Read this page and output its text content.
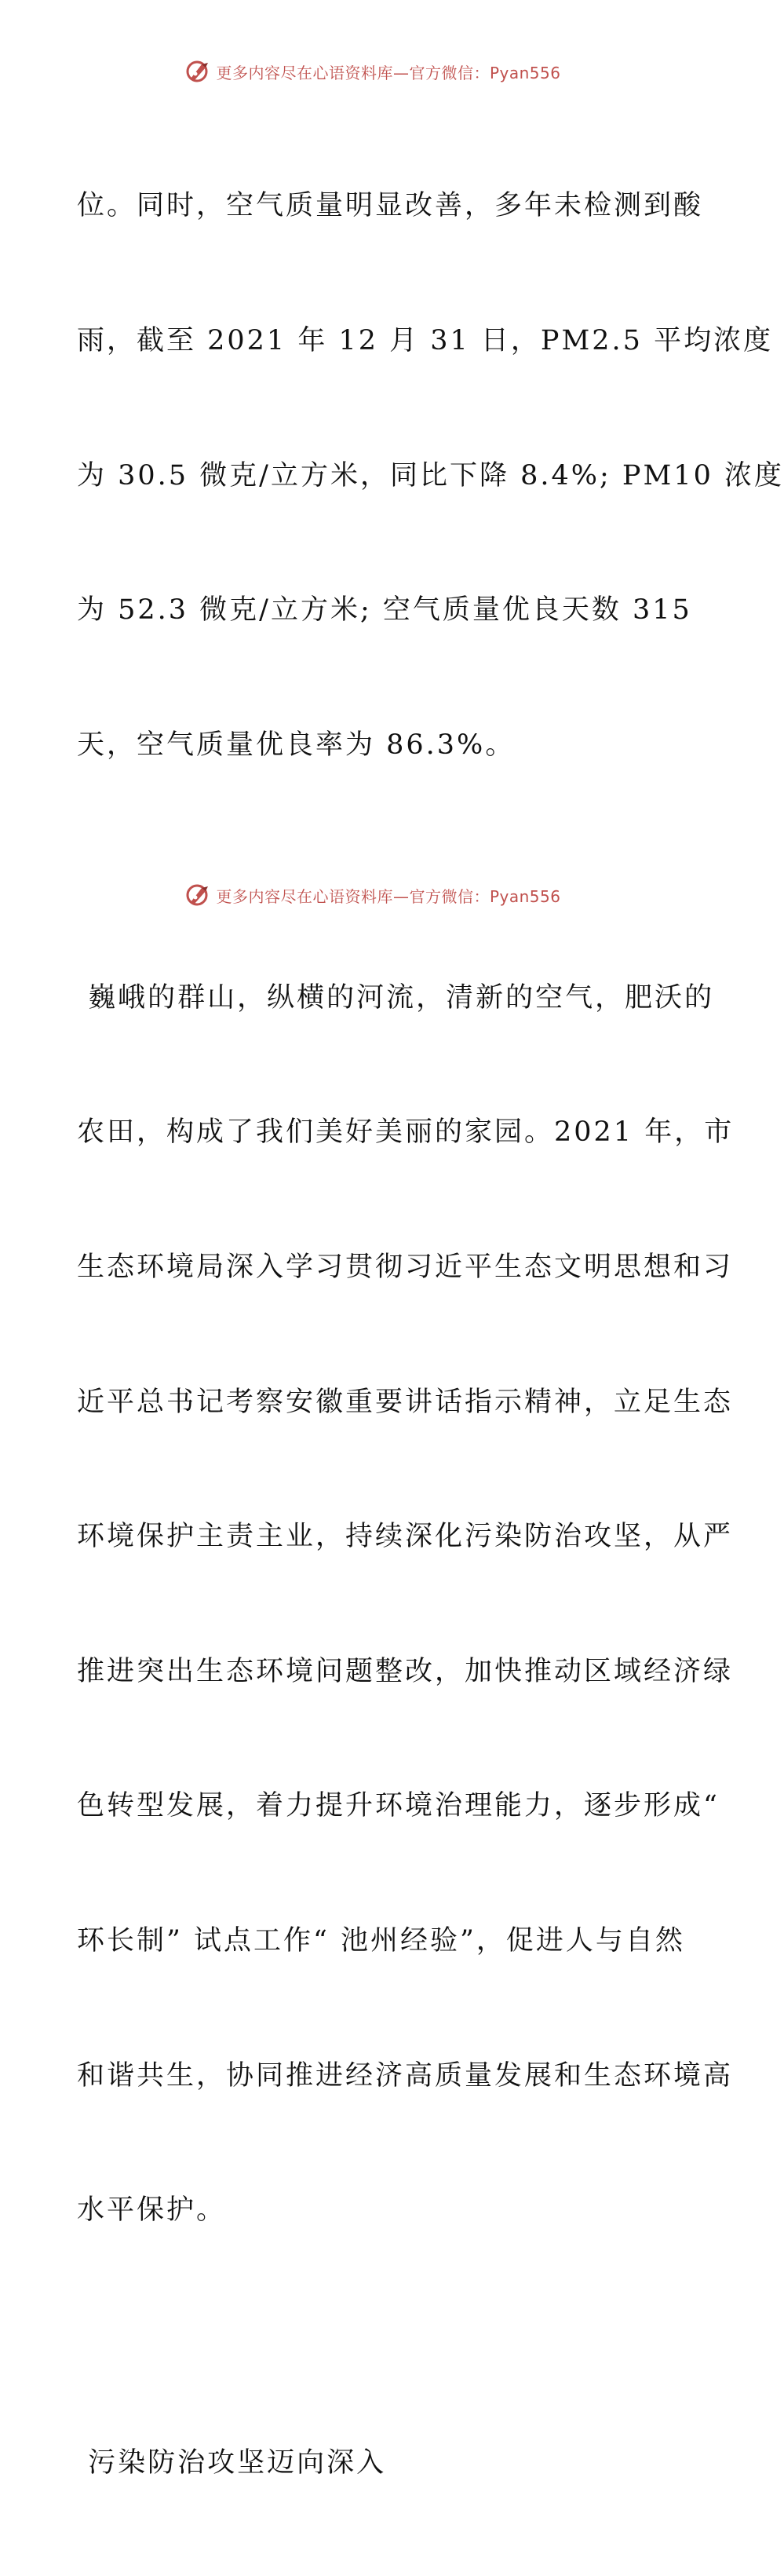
更多内容尽在心语资料库—官方微信：Pyan556

位。同时，空气质量明显改善，多年未检测到酸

雨，截至 2021 年 12 月 31 日，PM2.5 平均浓度

为 30.5 微克/立方米，同比下降 8.4%; PM10 浓度

为 52.3 微克/立方米; 空气质量优良天数 315

天，空气质量优良率为 86.3%。

巍峨的群山，纵横的河流，清新的空气，肥沃的

农田，构成了我们美好美丽的家园。2021 年，市

生态环境局深入学习贯彻习近平生态文明思想和习

近平总书记考察安徽重要讲话指示精神，立足生态

环境保护主责主业，持续深化污染防治攻坚，从严

推进突出生态环境问题整改，加快推动区域经济绿

色转型发展，着力提升环境治理能力，逐步形成“

环长制” 试点工作“ 池州经验”，促进人与自然

和谐共生，协同推进经济高质量发展和生态环境高

水平保护。

污染防治攻坚迈向深入

更多内容尽在心语资料库—官方微信：Pyan556
